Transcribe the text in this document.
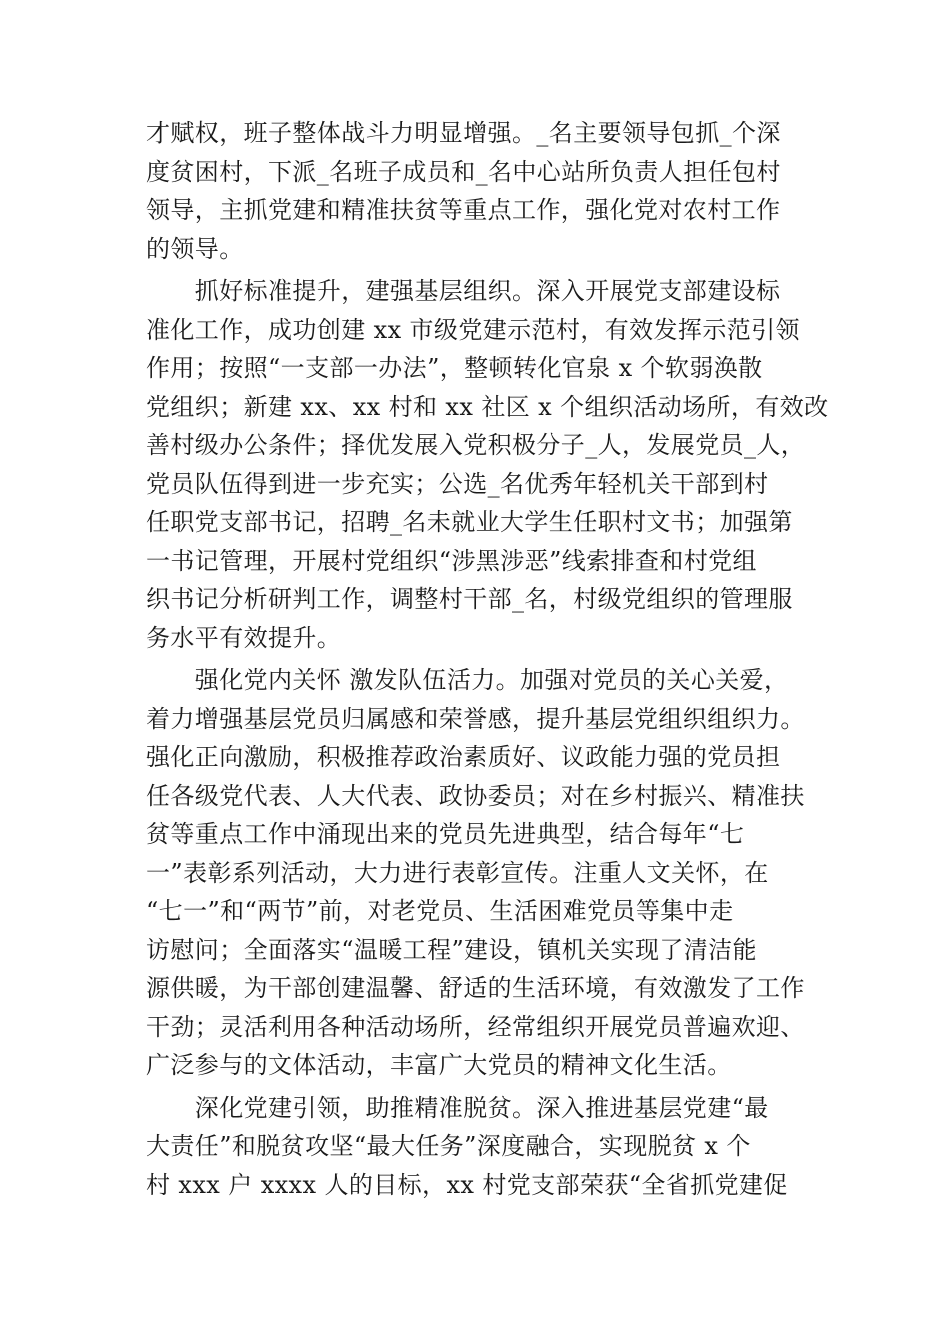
才赋权，班子整体战斗力明显增强。_名主要领导包抓_个深
度贫困村，下派_名班子成员和_名中心站所负责人担任包村
领导，主抓党建和精准扶贫等重点工作，强化党对农村工作
的领导。
　　抓好标准提升，建强基层组织。深入开展党支部建设标
准化工作，成功创建 xx 市级党建示范村，有效发挥示范引领
作用；按照“一支部一办法”，整顿转化官泉 x 个软弱涣散
党组织；新建 xx、xx 村和 xx 社区 x 个组织活动场所，有效改
善村级办公条件；择优发展入党积极分子_人，发展党员_人，
党员队伍得到进一步充实；公选_名优秀年轻机关干部到村
任职党支部书记，招聘_名未就业大学生任职村文书；加强第
一书记管理，开展村党组织“涉黑涉恶”线索排查和村党组
织书记分析研判工作，调整村干部_名，村级党组织的管理服
务水平有效提升。
　　强化党内关怀 激发队伍活力。加强对党员的关心关爱，
着力增强基层党员归属感和荣誉感，提升基层党组织组织力。
强化正向激励，积极推荐政治素质好、议政能力强的党员担
任各级党代表、人大代表、政协委员；对在乡村振兴、精准扶
贫等重点工作中涌现出来的党员先进典型，结合每年“七
一”表彰系列活动，大力进行表彰宣传。注重人文关怀，在
“七一”和“两节”前，对老党员、生活困难党员等集中走
访慰问；全面落实“温暖工程”建设，镇机关实现了清洁能
源供暖，为干部创建温馨、舒适的生活环境，有效激发了工作
干劲；灵活利用各种活动场所，经常组织开展党员普遍欢迎、
广泛参与的文体活动，丰富广大党员的精神文化生活。
　　深化党建引领，助推精准脱贫。深入推进基层党建“最
大责任”和脱贫攻坚“最大任务”深度融合，实现脱贫 x 个
村 xxx 户 xxxx 人的目标，xx 村党支部荣获“全省抓党建促
